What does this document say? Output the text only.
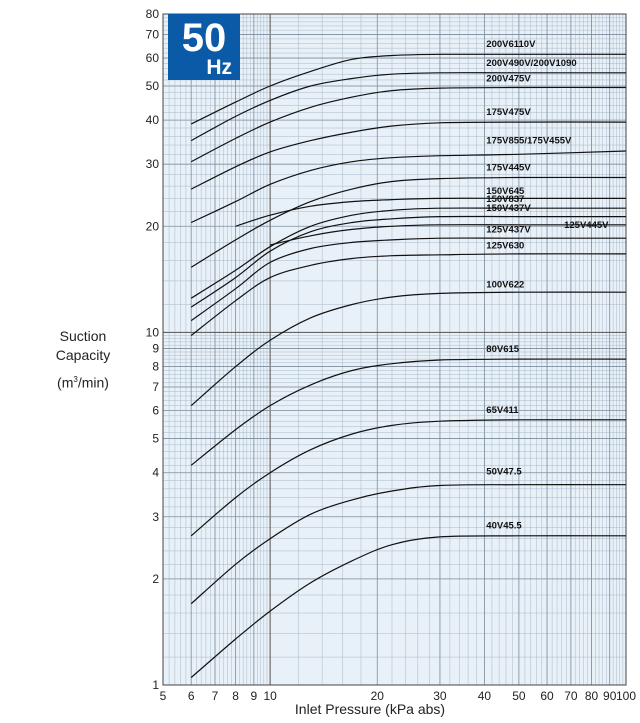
200V6110V
200V490V/200V1090
200V475V
175V475V
175V855/175V455V
175V445V
150V645
150V837
150V437V
125V445V
125V437V
125V630
100V622
80V615
65V411
50V47.5
40V45.5
5 6 7 8 9 10	20	30	40 50 60 70 80 90 100
1
2
3
4
5
6
7
8
9
10
20
30
40
50
60
70
80
Inlet Pressure (kPa abs)
Suction
Capacity
$(m^3/\min)$
50
Hz
